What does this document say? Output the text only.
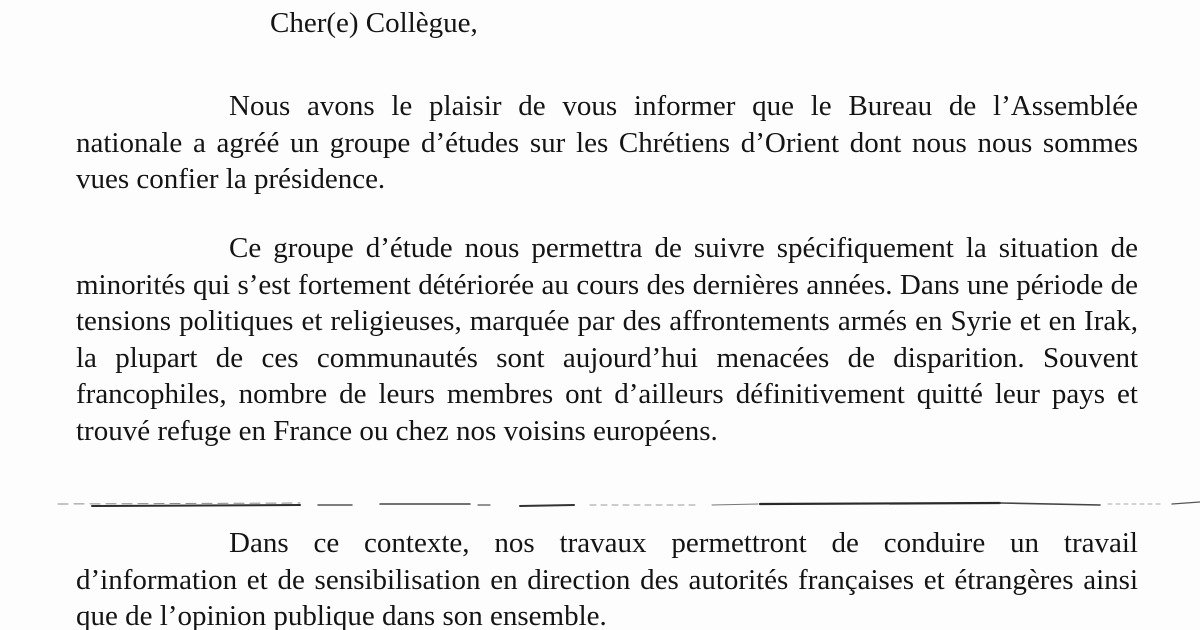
Cher(e) Collègue,

Nous avons le plaisir de vous informer que le Bureau de l’Assemblée nationale a agréé un groupe d’études sur les Chrétiens d’Orient dont nous nous sommes vues confier la présidence.

Ce groupe d’étude nous permettra de suivre spécifiquement la situation de minorités qui s’est fortement détériorée au cours des dernières années. Dans une période de tensions politiques et religieuses, marquée par des affrontements armés en Syrie et en Irak, la plupart de ces communautés sont aujourd’hui menacées de disparition. Souvent francophiles, nombre de leurs membres ont d’ailleurs définitivement quitté leur pays et trouvé refuge en France ou chez nos voisins européens.

Dans ce contexte, nos travaux permettront de conduire un travail d’information et de sensibilisation en direction des autorités françaises et étrangères ainsi que de l’opinion publique dans son ensemble.
